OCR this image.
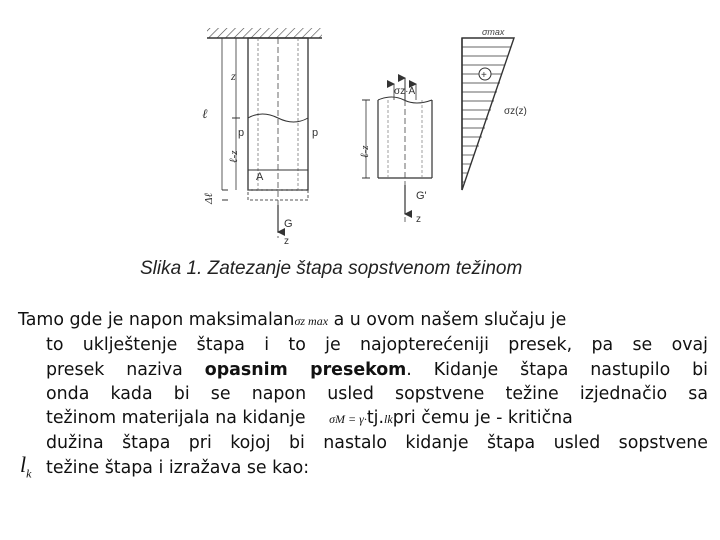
z
ℓ
ℓ-z
Δℓ
p	p
A
G
z
σz·A
ℓ-z
G'
z
σmax
+
σz(z)
Slika 1. Zatezanje štapa sopstvenom težinom
Tamo gde je napon maksimalanσz max a u ovom našem slučaju je
to uklještenje štapa i to je najopterećeniji presek, pa se ovaj
presek naziva opasnim presekom. Kidanje štapa nastupilo bi
onda kada bi se napon usled sopstvene težine izjednačio sa
težinom materijala na kidanje σM = γ·tj.lkpri čemu je - kritična
dužina štapa pri kojoj bi nastalo kidanje štapa usled sopstvene
težine štapa i izražava se kao:
$l_k$
